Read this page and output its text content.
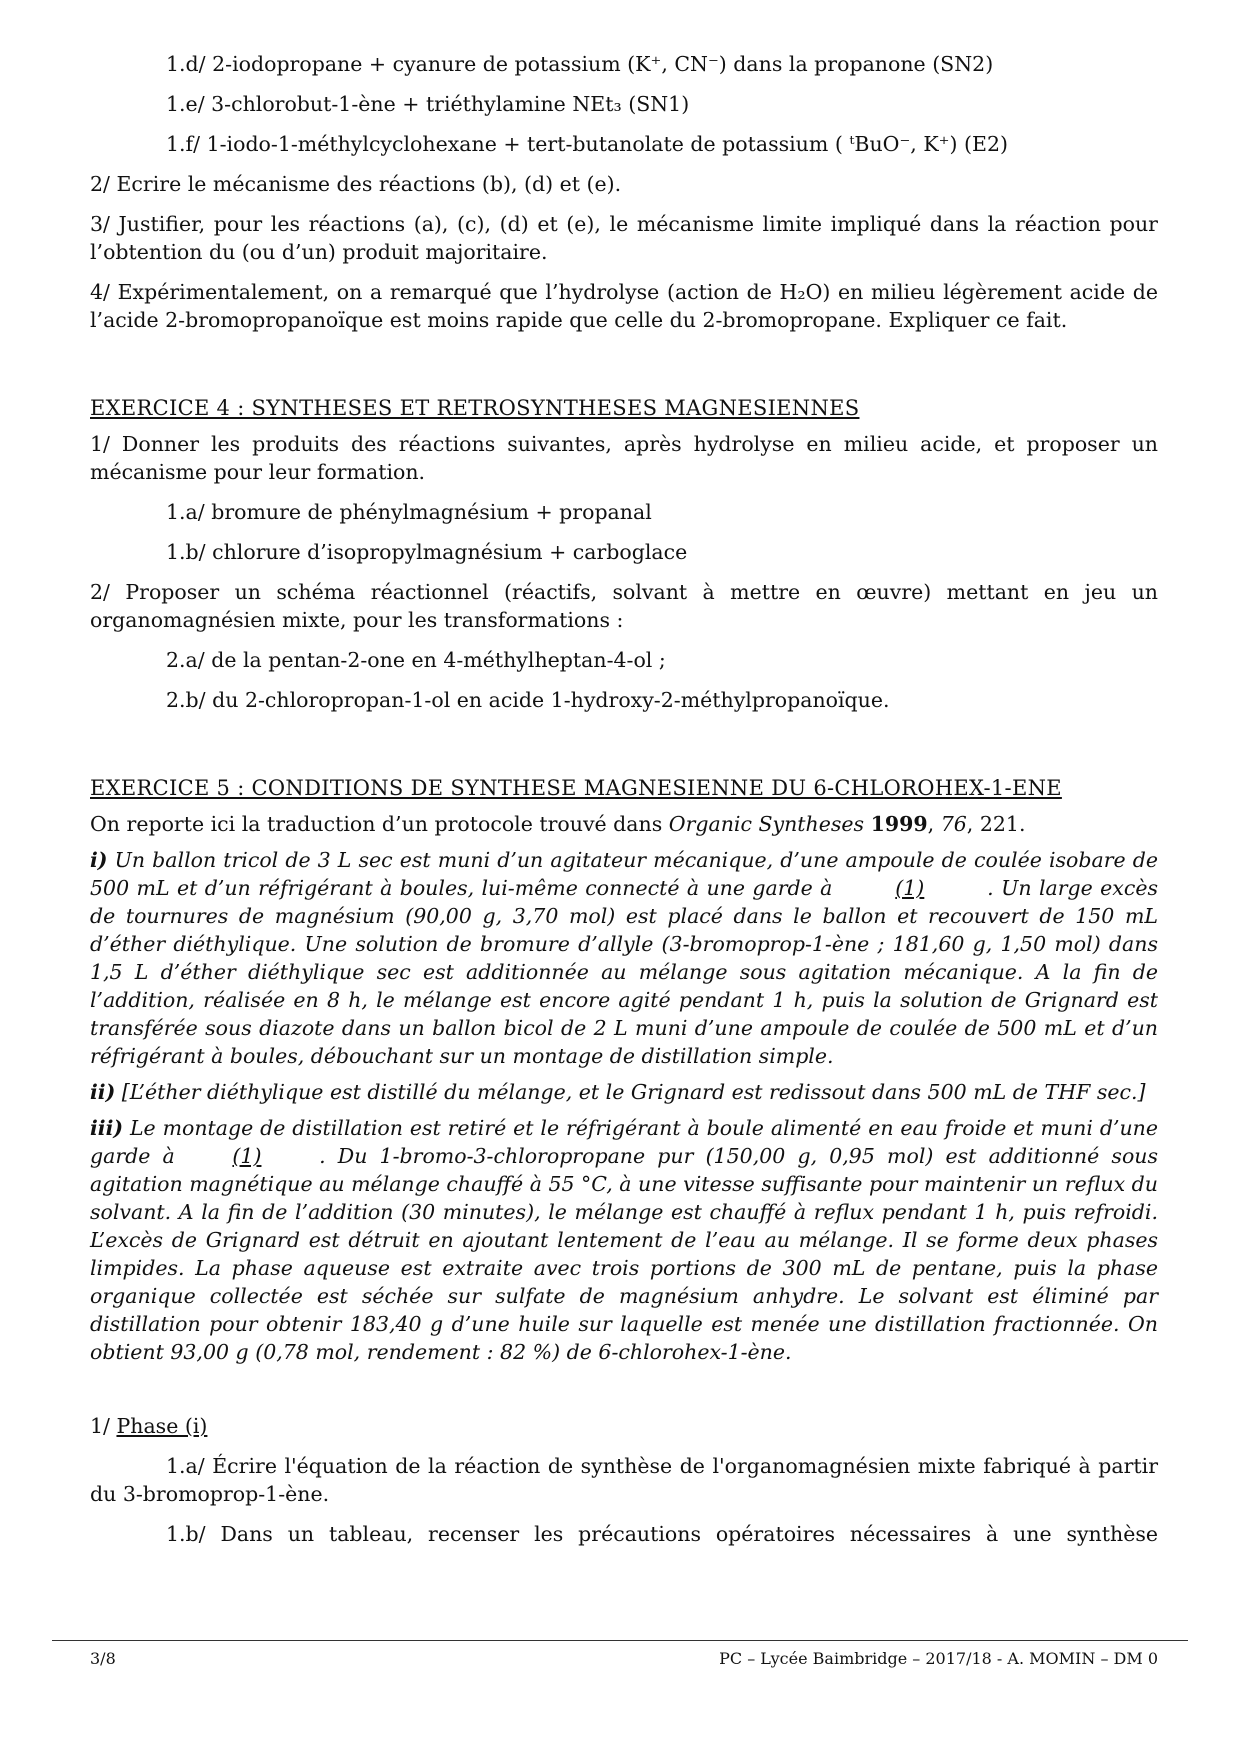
1.d/ 2-iodopropane + cyanure de potassium (K⁺, CN⁻) dans la propanone (SN2)

1.e/ 3-chlorobut-1-ène + triéthylamine NEt₃ (SN1)

1.f/ 1-iodo-1-méthylcyclohexane + tert-butanolate de potassium ( ᵗBuO⁻, K⁺) (E2)

2/ Ecrire le mécanisme des réactions (b), (d) et (e).

3/ Justifier, pour les réactions (a), (c), (d) et (e), le mécanisme limite impliqué dans la réaction pour l’obtention du (ou d’un) produit majoritaire.

4/ Expérimentalement, on a remarqué que l’hydrolyse (action de H₂O) en milieu légèrement acide de l’acide 2-bromopropanoïque est moins rapide que celle du 2-bromopropane. Expliquer ce fait.

EXERCICE 4 : SYNTHESES ET RETROSYNTHESES MAGNESIENNES

1/ Donner les produits des réactions suivantes, après hydrolyse en milieu acide, et proposer un mécanisme pour leur formation.

1.a/ bromure de phénylmagnésium + propanal

1.b/ chlorure d’isopropylmagnésium + carboglace

2/ Proposer un schéma réactionnel (réactifs, solvant à mettre en œuvre) mettant en jeu un organomagnésien mixte, pour les transformations :

2.a/ de la pentan-2-one en 4-méthylheptan-4-ol ;

2.b/ du 2-chloropropan-1-ol en acide 1-hydroxy-2-méthylpropanoïque.

EXERCICE 5 : CONDITIONS DE SYNTHESE MAGNESIENNE DU 6-CHLOROHEX-1-ENE

On reporte ici la traduction d’un protocole trouvé dans Organic Syntheses 1999, 76, 221.

i) Un ballon tricol de 3 L sec est muni d’un agitateur mécanique, d’une ampoule de coulée isobare de 500 mL et d’un réfrigérant à boules, lui-même connecté à une garde à	(1)	. Un large excès de tournures de magnésium (90,00 g, 3,70 mol) est placé dans le ballon et recouvert de 150 mL d’éther diéthylique. Une solution de bromure d’allyle (3-bromoprop-1-ène ; 181,60 g, 1,50 mol) dans 1,5 L d’éther diéthylique sec est additionnée au mélange sous agitation mécanique. A la fin de l’addition, réalisée en 8 h, le mélange est encore agité pendant 1 h, puis la solution de Grignard est transférée sous diazote dans un ballon bicol de 2 L muni d’une ampoule de coulée de 500 mL et d’un réfrigérant à boules, débouchant sur un montage de distillation simple.

ii) [L’éther diéthylique est distillé du mélange, et le Grignard est redissout dans 500 mL de THF sec.]

iii) Le montage de distillation est retiré et le réfrigérant à boule alimenté en eau froide et muni d’une garde à (1) . Du 1-bromo-3-chloropropane pur (150,00 g, 0,95 mol) est additionné sous agitation magnétique au mélange chauffé à 55 °C, à une vitesse suffisante pour maintenir un reflux du solvant. A la fin de l’addition (30 minutes), le mélange est chauffé à reflux pendant 1 h, puis refroidi. L’excès de Grignard est détruit en ajoutant lentement de l’eau au mélange. Il se forme deux phases limpides. La phase aqueuse est extraite avec trois portions de 300 mL de pentane, puis la phase organique collectée est séchée sur sulfate de magnésium anhydre. Le solvant est éliminé par distillation pour obtenir 183,40 g d’une huile sur laquelle est menée une distillation fractionnée. On obtient 93,00 g (0,78 mol, rendement : 82 %) de 6-chlorohex-1-ène.

1/ Phase (i)

1.a/ Écrire l'équation de la réaction de synthèse de l'organomagnésien mixte fabriqué à partir du 3-bromoprop-1-ène.

1.b/ Dans un tableau, recenser les précautions opératoires nécessaires à une synthèse

3/8	PC – Lycée Baimbridge – 2017/18 - A. MOMIN – DM 0
